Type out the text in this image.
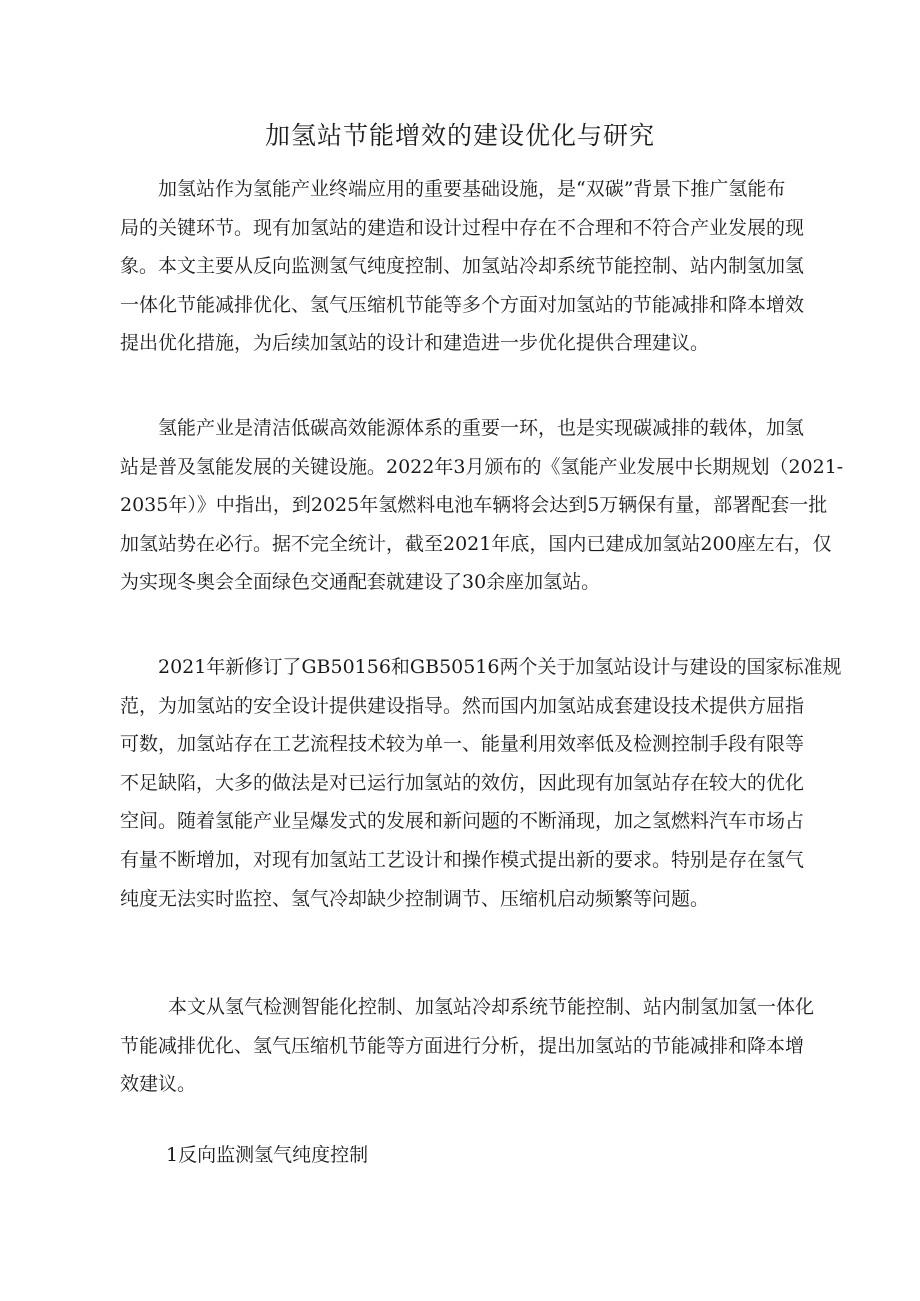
加氢站节能增效的建设优化与研究

加氢站作为氢能产业终端应用的重要基础设施，是“双碳”背景下推广氢能布
局的关键环节。现有加氢站的建造和设计过程中存在不合理和不符合产业发展的现
象。本文主要从反向监测氢气纯度控制、加氢站冷却系统节能控制、站内制氢加氢
一体化节能减排优化、氢气压缩机节能等多个方面对加氢站的节能减排和降本增效
提出优化措施，为后续加氢站的设计和建造进一步优化提供合理建议。

氢能产业是清洁低碳高效能源体系的重要一环，也是实现碳减排的载体，加氢
站是普及氢能发展的关键设施。2022年3月颁布的《氢能产业发展中长期规划（2021-
2035年）》中指出，到2025年氢燃料电池车辆将会达到5万辆保有量，部署配套一批
加氢站势在必行。据不完全统计，截至2021年底，国内已建成加氢站200座左右，仅
为实现冬奥会全面绿色交通配套就建设了30余座加氢站。

2021年新修订了GB50156和GB50516两个关于加氢站设计与建设的国家标准规
范，为加氢站的安全设计提供建设指导。然而国内加氢站成套建设技术提供方屈指
可数，加氢站存在工艺流程技术较为单一、能量利用效率低及检测控制手段有限等
不足缺陷，大多的做法是对已运行加氢站的效仿，因此现有加氢站存在较大的优化
空间。随着氢能产业呈爆发式的发展和新问题的不断涌现，加之氢燃料汽车市场占
有量不断增加，对现有加氢站工艺设计和操作模式提出新的要求。特别是存在氢气
纯度无法实时监控、氢气冷却缺少控制调节、压缩机启动频繁等问题。

本文从氢气检测智能化控制、加氢站冷却系统节能控制、站内制氢加氢一体化
节能减排优化、氢气压缩机节能等方面进行分析，提出加氢站的节能减排和降本增
效建议。

1反向监测氢气纯度控制
